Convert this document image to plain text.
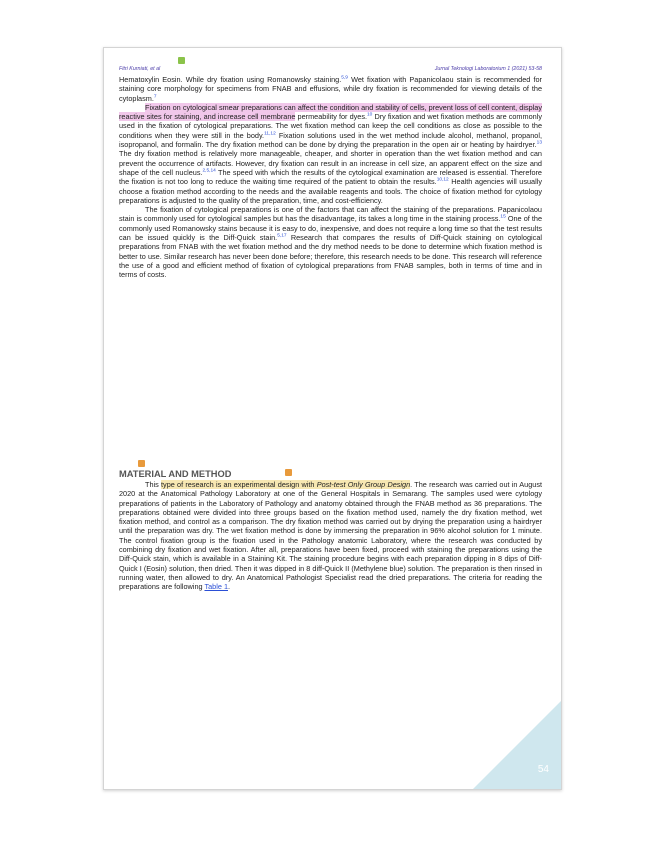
Fitri Kurniati, et al	Jurnal Teknologi Laboratorium 1 (2021) 53-58

Hematoxylin Eosin. While dry fixation using Romanowsky staining.$^{5,9}$ Wet fixation with Papanicolaou stain is recommended for staining core morphology for specimens from FNAB and effusions, while dry fixation is recommended for viewing details of the cytoplasm.$^7$

Fixation on cytological smear preparations can affect the condition and stability of cells, prevent loss of cell content, display reactive sites for staining, and increase cell membrane permeability for dyes.$^{10}$ Dry fixation and wet fixation methods are commonly used in the fixation of cytological preparations. The wet fixation method can keep the cell conditions as close as possible to the conditions when they were still in the body.$^{11,12}$ Fixation solutions used in the wet method include alcohol, methanol, propanol, isopropanol, and formalin. The dry fixation method can be done by drying the preparation in the open air or heating by hairdryer.$^{13}$ The dry fixation method is relatively more manageable, cheaper, and shorter in operation than the wet fixation method and can prevent the occurrence of artifacts. However, dry fixation can result in an increase in cell size, an apparent effect on the size and shape of the cell nucleus.$^{2,5,14}$ The speed with which the results of the cytological examination are released is essential. Therefore the fixation is not too long to reduce the waiting time required of the patient to obtain the results.$^{10,12}$ Health agencies will usually choose a fixation method according to the needs and the available reagents and tools. The choice of fixation method for cytology preparations is adjusted to the quality of the preparation, time, and cost-efficiency.

The fixation of cytological preparations is one of the factors that can affect the staining of the preparations. Papanicolaou stain is commonly used for cytological samples but has the disadvantage, its takes a long time in the staining process.$^{15}$ One of the commonly used Romanowsky stains because it is easy to do, inexpensive, and does not require a long time so that the test results can be issued quickly is the Diff-Quick stain.$^{5,17}$ Research that compares the results of Diff-Quick staining on cytological preparations from FNAB with the wet fixation method and the dry method needs to be done to determine which fixation method is better to use. Similar research has never been done before; therefore, this research needs to be done. This research will reference the use of a good and efficient method of fixation of cytological preparations from FNAB samples, both in terms of time and in terms of costs.

MATERIAL AND METHOD

This type of research is an experimental design with Post-test Only Group Design. The research was carried out in August 2020 at the Anatomical Pathology Laboratory at one of the General Hospitals in Semarang. The samples used were cytology preparations of patients in the Laboratory of Pathology and anatomy obtained through the FNAB method as 36 preparations. The preparations obtained were divided into three groups based on the fixation method used, namely the dry fixation method, wet fixation method, and control as a comparison. The dry fixation method was carried out by drying the preparation using a hairdryer until the preparation was dry. The wet fixation method is done by immersing the preparation in 96% alcohol solution for 1 minute. The control fixation group is the fixation used in the Pathology anatomic Laboratory, where the research was conducted by combining dry fixation and wet fixation. After all, preparations have been fixed, proceed with staining the preparations using the Diff-Quick stain, which is available in a Staining Kit. The staining procedure begins with each preparation dipping in 8 dips of Diff-Quick I (Eosin) solution, then dried. Then it was dipped in 8 diff-Quick II (Methylene blue) solution. The preparation is then rinsed in running water, then allowed to dry. An Anatomical Pathologist Specialist read the dried preparations. The criteria for reading the preparations are following Table 1.

54
